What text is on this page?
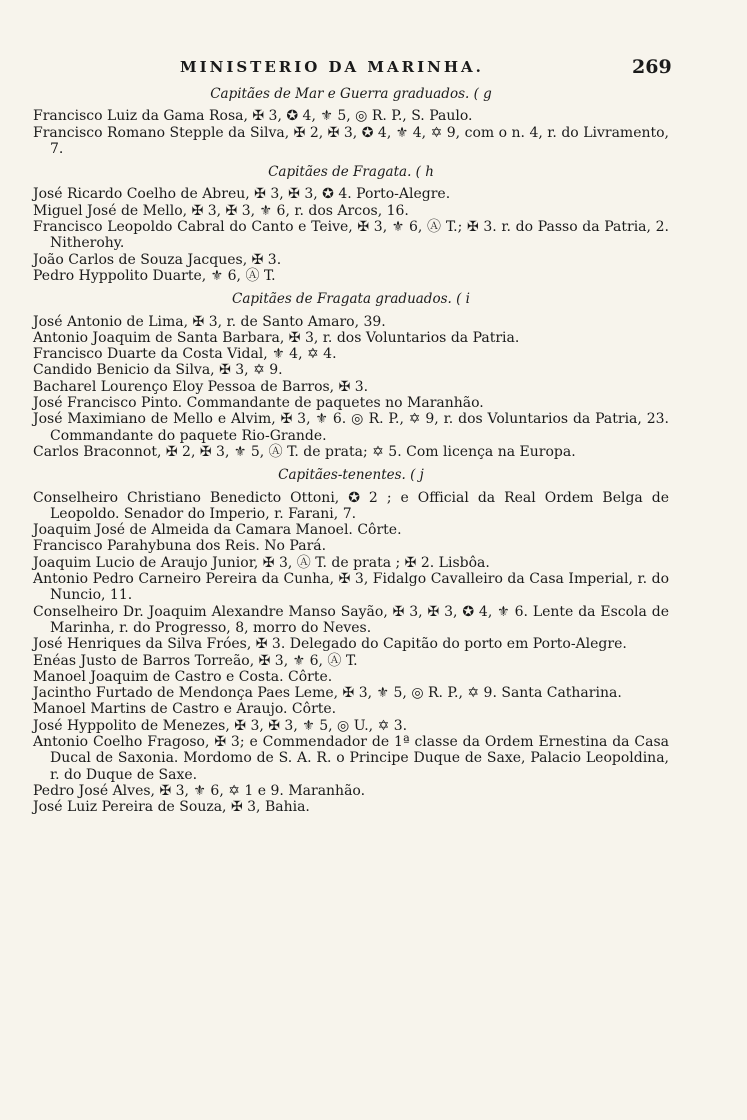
MINISTERIO DA MARINHA.	269
Capitães de Mar e Guerra graduados. ( g
Francisco Luiz da Gama Rosa, ✠ 3, ✪ 4, ⚜ 5, ◎ R. P., S. Paulo.
Francisco Romano Stepple da Silva, ✠ 2, ✠ 3, ✪ 4, ⚜ 4, ✡ 9, com o n. 4, r. do Livramento, 7.
Capitães de Fragata. ( h
José Ricardo Coelho de Abreu, ✠ 3, ✠ 3, ✪ 4. Porto-Alegre.
Miguel José de Mello, ✠ 3, ✠ 3, ⚜ 6, r. dos Arcos, 16.
Francisco Leopoldo Cabral do Canto e Teive, ✠ 3, ⚜ 6, Ⓐ T.; ✠ 3. r. do Passo da Patria, 2. Nitherohy.
João Carlos de Souza Jacques, ✠ 3.
Pedro Hyppolito Duarte, ⚜ 6, Ⓐ T.
Capitães de Fragata graduados. ( i
José Antonio de Lima, ✠ 3, r. de Santo Amaro, 39.
Antonio Joaquim de Santa Barbara, ✠ 3, r. dos Voluntarios da Patria.
Francisco Duarte da Costa Vidal, ⚜ 4, ✡ 4.
Candido Benicio da Silva, ✠ 3, ✡ 9.
Bacharel Lourenço Eloy Pessoa de Barros, ✠ 3.
José Francisco Pinto. Commandante de paquetes no Maranhão.
José Maximiano de Mello e Alvim, ✠ 3, ⚜ 6. ◎ R. P., ✡ 9, r. dos Voluntarios da Patria, 23. Commandante do paquete Rio-Grande.
Carlos Braconnot, ✠ 2, ✠ 3, ⚜ 5, Ⓐ T. de prata; ✡ 5. Com licença na Europa.
Capitães-tenentes. ( j
Conselheiro Christiano Benedicto Ottoni, ✪ 2 ; e Official da Real Ordem Belga de Leopoldo. Senador do Imperio, r. Farani, 7.
Joaquim José de Almeida da Camara Manoel. Côrte.
Francisco Parahybuna dos Reis. No Pará.
Joaquim Lucio de Araujo Junior, ✠ 3, Ⓐ T. de prata ; ✠ 2. Lisbôa.
Antonio Pedro Carneiro Pereira da Cunha, ✠ 3, Fidalgo Cavalleiro da Casa Imperial, r. do Nuncio, 11.
Conselheiro Dr. Joaquim Alexandre Manso Sayão, ✠ 3, ✠ 3, ✪ 4, ⚜ 6. Lente da Escola de Marinha, r. do Progresso, 8, morro do Neves.
José Henriques da Silva Fróes, ✠ 3. Delegado do Capitão do porto em Porto-Alegre.
Enéas Justo de Barros Torreão, ✠ 3, ⚜ 6, Ⓐ T.
Manoel Joaquim de Castro e Costa. Côrte.
Jacintho Furtado de Mendonça Paes Leme, ✠ 3, ⚜ 5, ◎ R. P., ✡ 9. Santa Catharina.
Manoel Martins de Castro e Araujo. Côrte.
José Hyppolito de Menezes, ✠ 3, ✠ 3, ⚜ 5, ◎ U., ✡ 3.
Antonio Coelho Fragoso, ✠ 3; e Commendador de 1ª classe da Ordem Ernestina da Casa Ducal de Saxonia. Mordomo de S. A. R. o Principe Duque de Saxe, Palacio Leopoldina, r. do Duque de Saxe.
Pedro José Alves, ✠ 3, ⚜ 6, ✡ 1 e 9. Maranhão.
José Luiz Pereira de Souza, ✠ 3, Bahia.
